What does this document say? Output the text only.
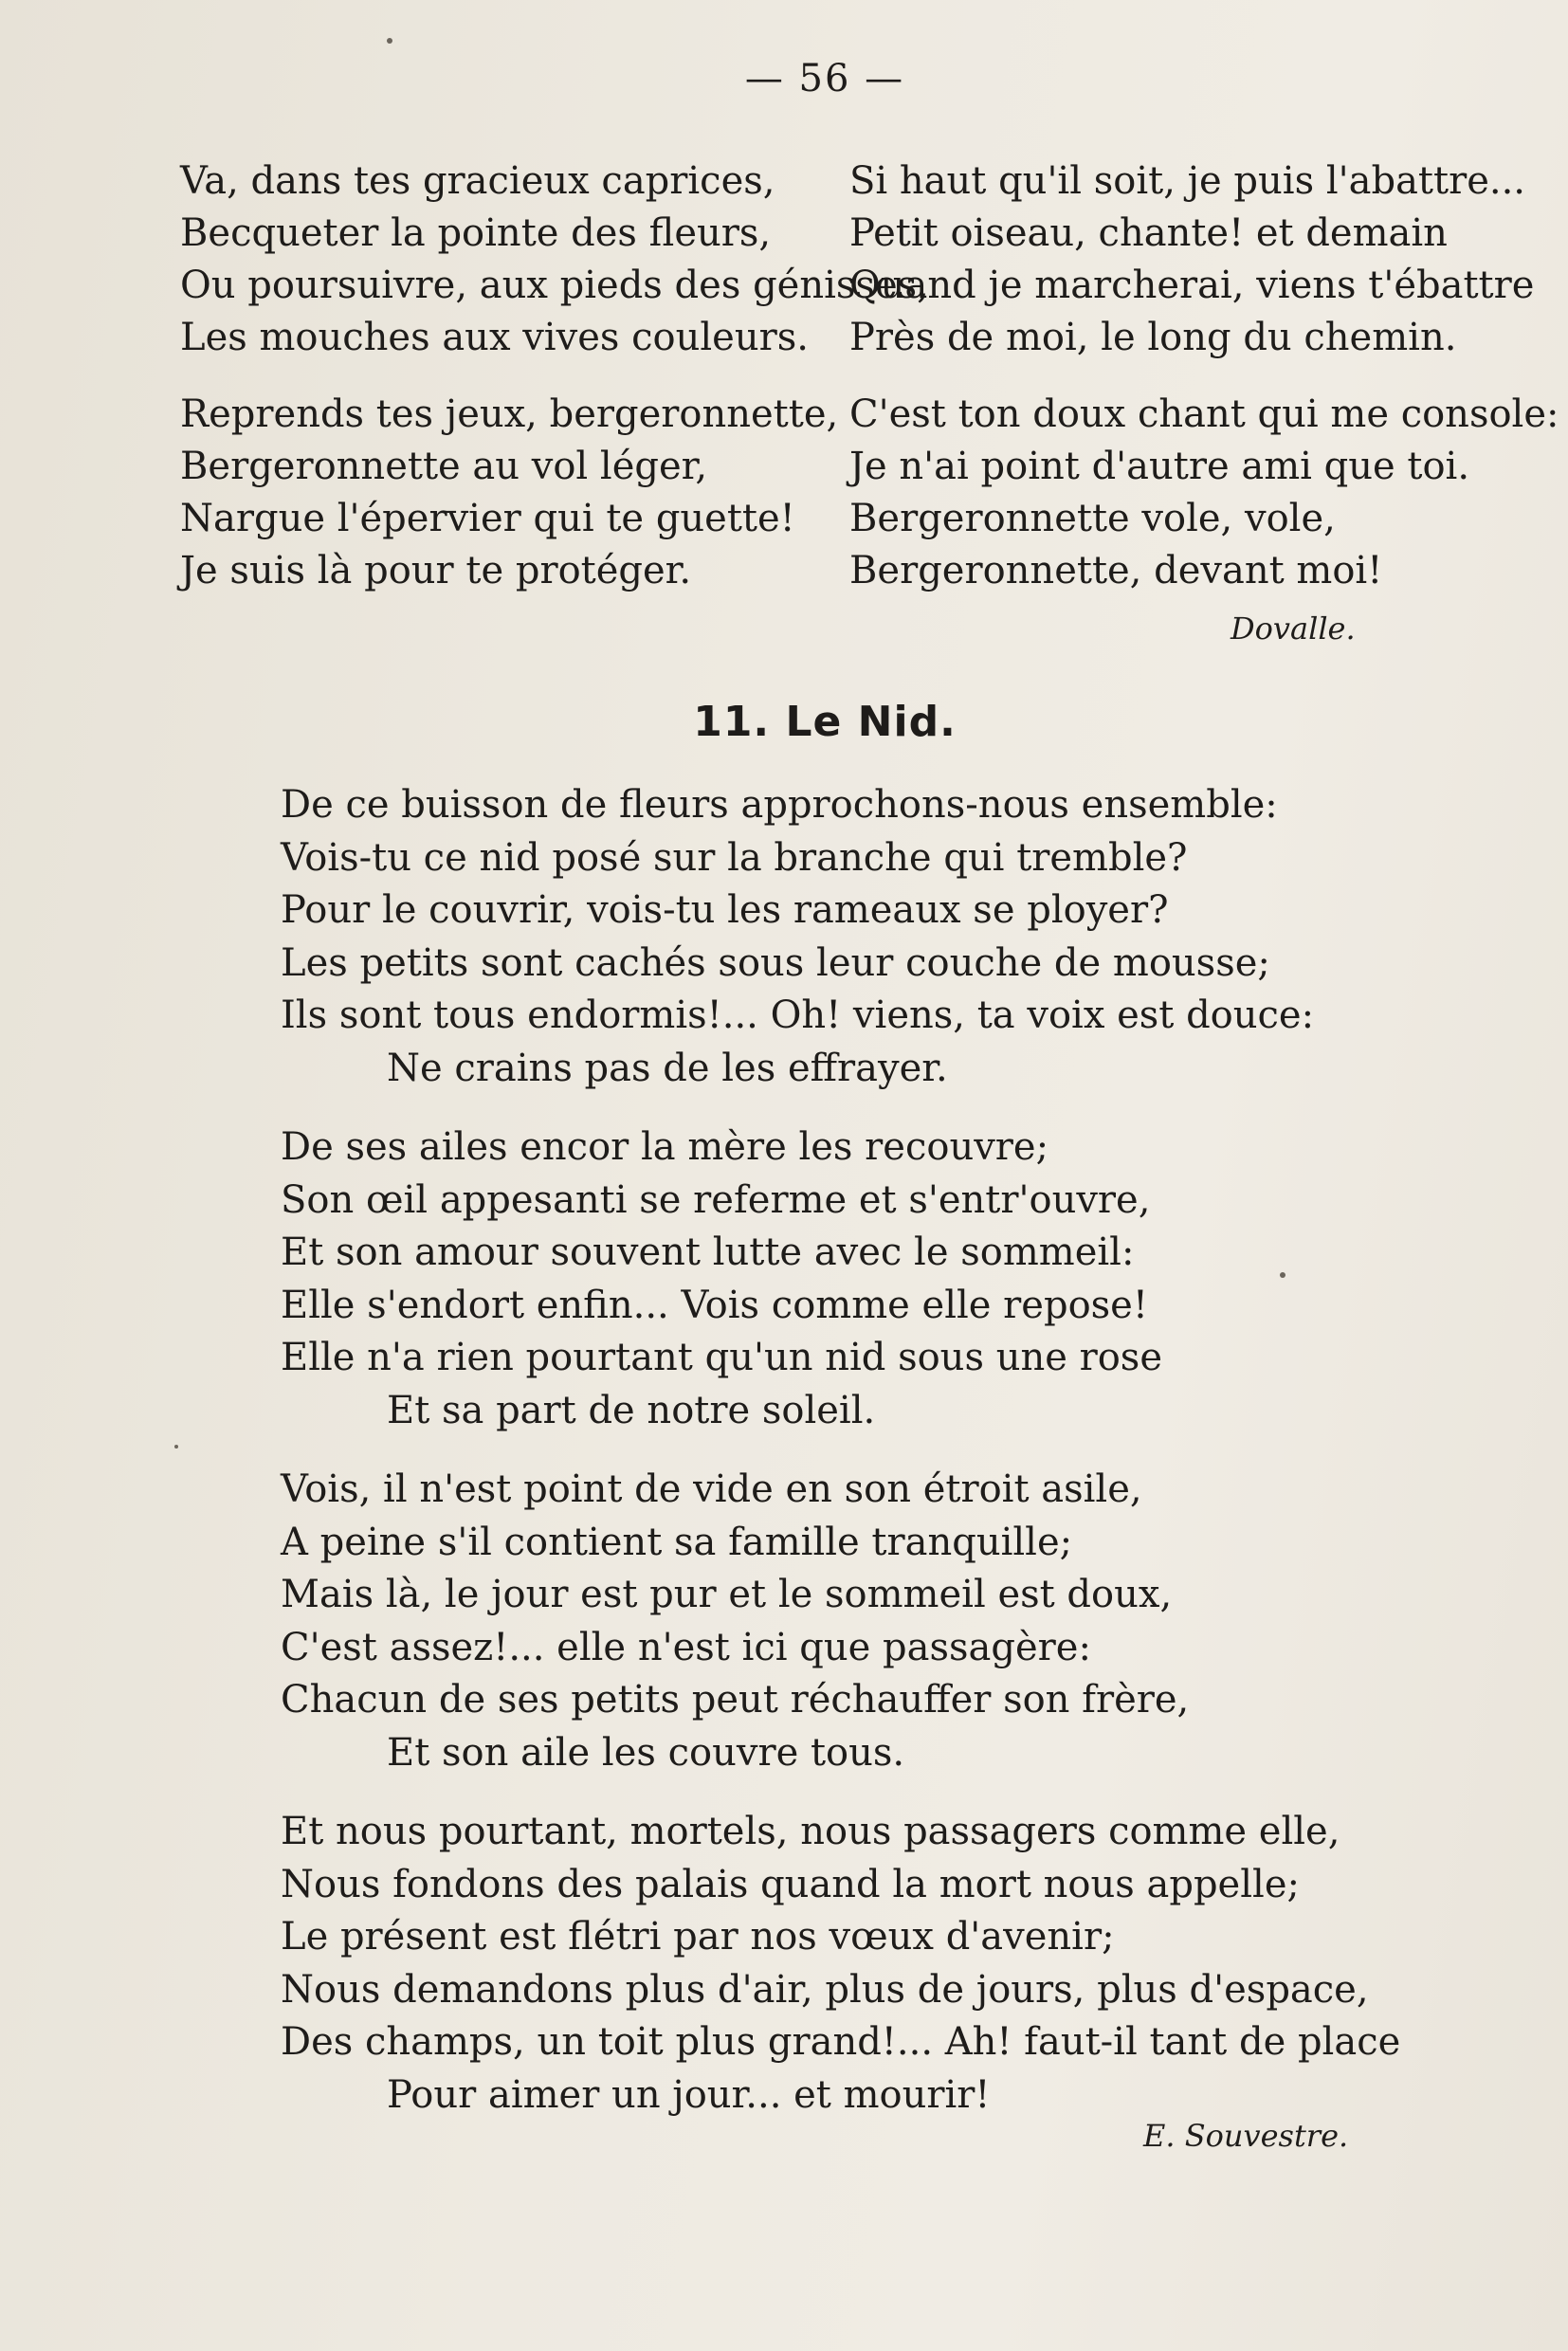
— 56 —
Va, dans tes gracieux caprices,
Becqueter la pointe des fleurs,
Ou poursuivre, aux pieds des génisses,
Les mouches aux vives couleurs.
Reprends tes jeux, bergeronnette,
Bergeronnette au vol léger,
Nargue l'épervier qui te guette!
Je suis là pour te protéger.
Si haut qu'il soit, je puis l'abattre...
Petit oiseau, chante! et demain
Quand je marcherai, viens t'ébattre
Près de moi, le long du chemin.
C'est ton doux chant qui me console:
Je n'ai point d'autre ami que toi.
Bergeronnette vole, vole,
Bergeronnette, devant moi!
Dovalle.
11. Le Nid.
De ce buisson de fleurs approchons-nous ensemble:
Vois-tu ce nid posé sur la branche qui tremble?
Pour le couvrir, vois-tu les rameaux se ployer?
Les petits sont cachés sous leur couche de mousse;
Ils sont tous endormis!... Oh! viens, ta voix est douce:
Ne crains pas de les effrayer.
De ses ailes encor la mère les recouvre;
Son œil appesanti se referme et s'entr'ouvre,
Et son amour souvent lutte avec le sommeil:
Elle s'endort enfin... Vois comme elle repose!
Elle n'a rien pourtant qu'un nid sous une rose
Et sa part de notre soleil.
Vois, il n'est point de vide en son étroit asile,
A peine s'il contient sa famille tranquille;
Mais là, le jour est pur et le sommeil est doux,
C'est assez!... elle n'est ici que passagère:
Chacun de ses petits peut réchauffer son frère,
Et son aile les couvre tous.
Et nous pourtant, mortels, nous passagers comme elle,
Nous fondons des palais quand la mort nous appelle;
Le présent est flétri par nos vœux d'avenir;
Nous demandons plus d'air, plus de jours, plus d'espace,
Des champs, un toit plus grand!... Ah! faut-il tant de place
Pour aimer un jour... et mourir!
E. Souvestre.
